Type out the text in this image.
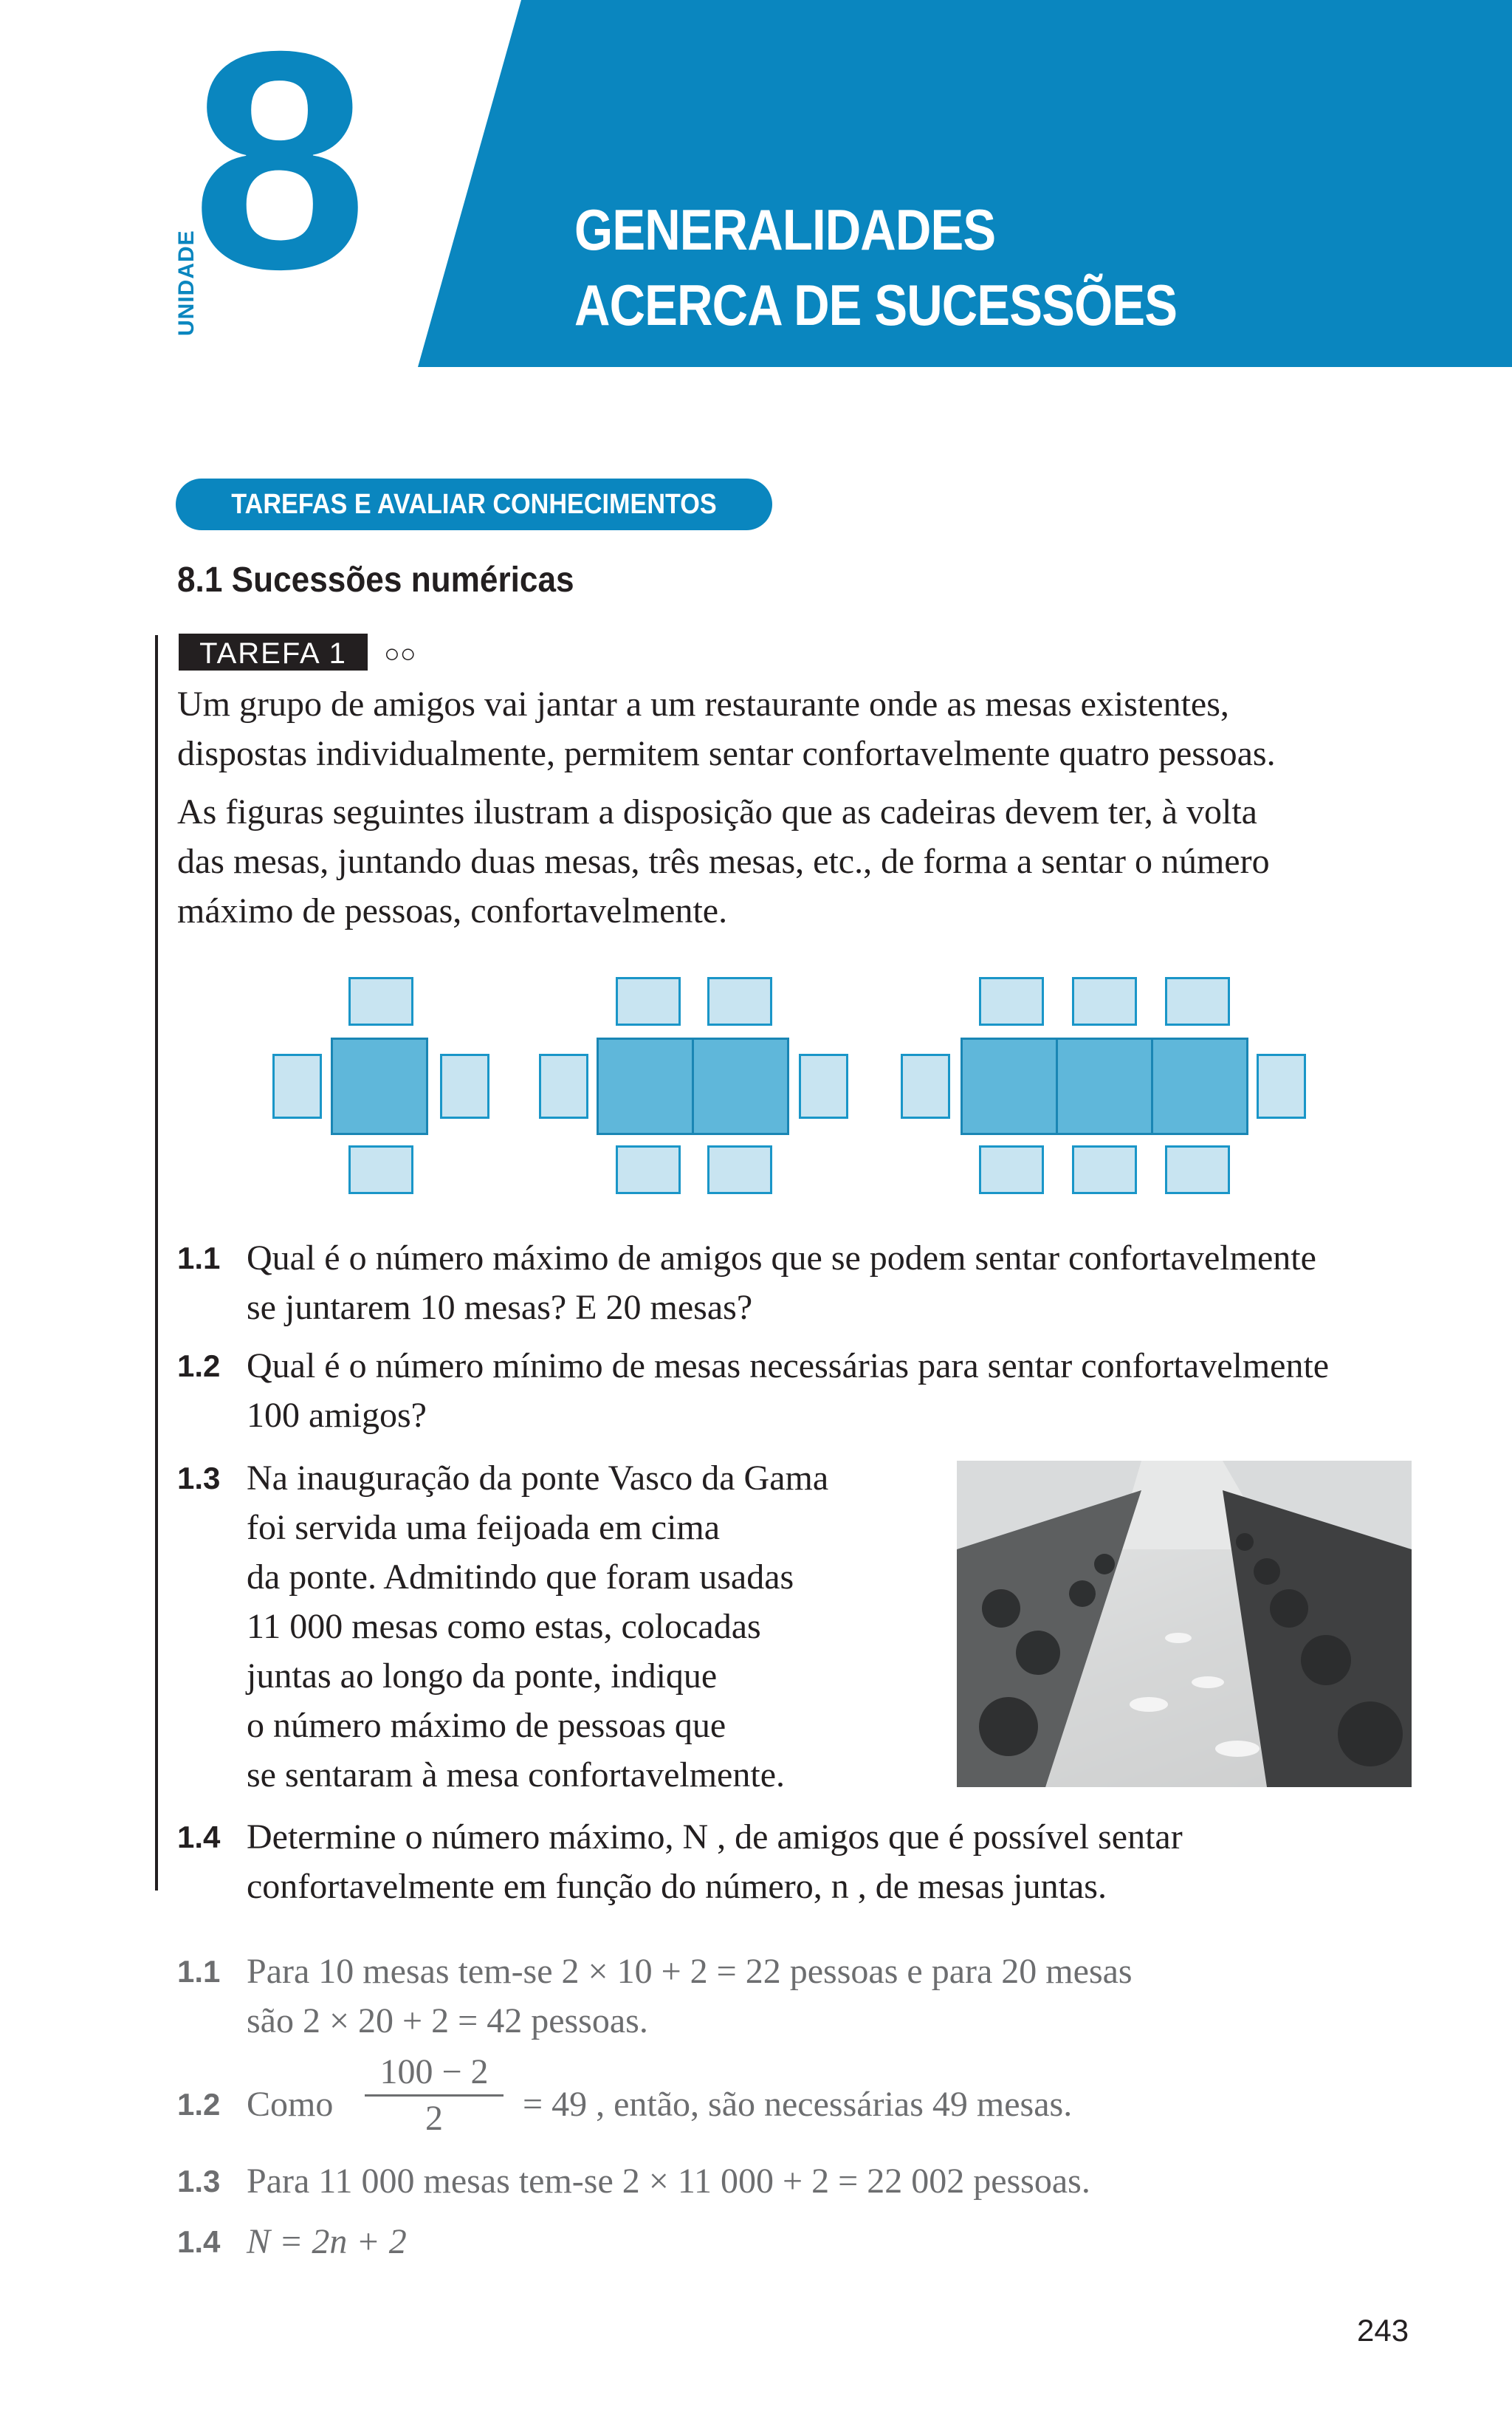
8
UNIDADE
GENERALIDADES
ACERCA DE SUCESSÕES
TAREFAS E AVALIAR CONHECIMENTOS
8.1 Sucessões numéricas
TAREFA 1	○○
Um grupo de amigos vai jantar a um restaurante onde as mesas existentes,
dispostas individualmente, permitem sentar confortavelmente quatro pessoas.
As figuras seguintes ilustram a disposição que as cadeiras devem ter, à volta
das mesas, juntando duas mesas, três mesas, etc., de forma a sentar o número
máximo de pessoas, confortavelmente.
1.1 Qual é o número máximo de amigos que se podem sentar confortavelmente
se juntarem 10 mesas? E 20 mesas?
1.2 Qual é o número mínimo de mesas necessárias para sentar confortavelmente
100 amigos?
1.3 Na inauguração da ponte Vasco da Gama
foi servida uma feijoada em cima
da ponte. Admitindo que foram usadas
11 000 mesas como estas, colocadas
juntas ao longo da ponte, indique
o número máximo de pessoas que
se sentaram à mesa confortavelmente.
1.4 Determine o número máximo, N , de amigos que é possível sentar
confortavelmente em função do número, n , de mesas juntas.
1.1 Para 10 mesas tem-se 2 × 10 + 2 = 22 pessoas e para 20 mesas
são 2 × 20 + 2 = 42 pessoas.
1.2 Como
100 − 2
2	= 49 , então, são necessárias 49 mesas.
1.3 Para 11 000 mesas tem-se 2 × 11 000 + 2 = 22 002 pessoas.
1.4 N = 2n + 2
243
